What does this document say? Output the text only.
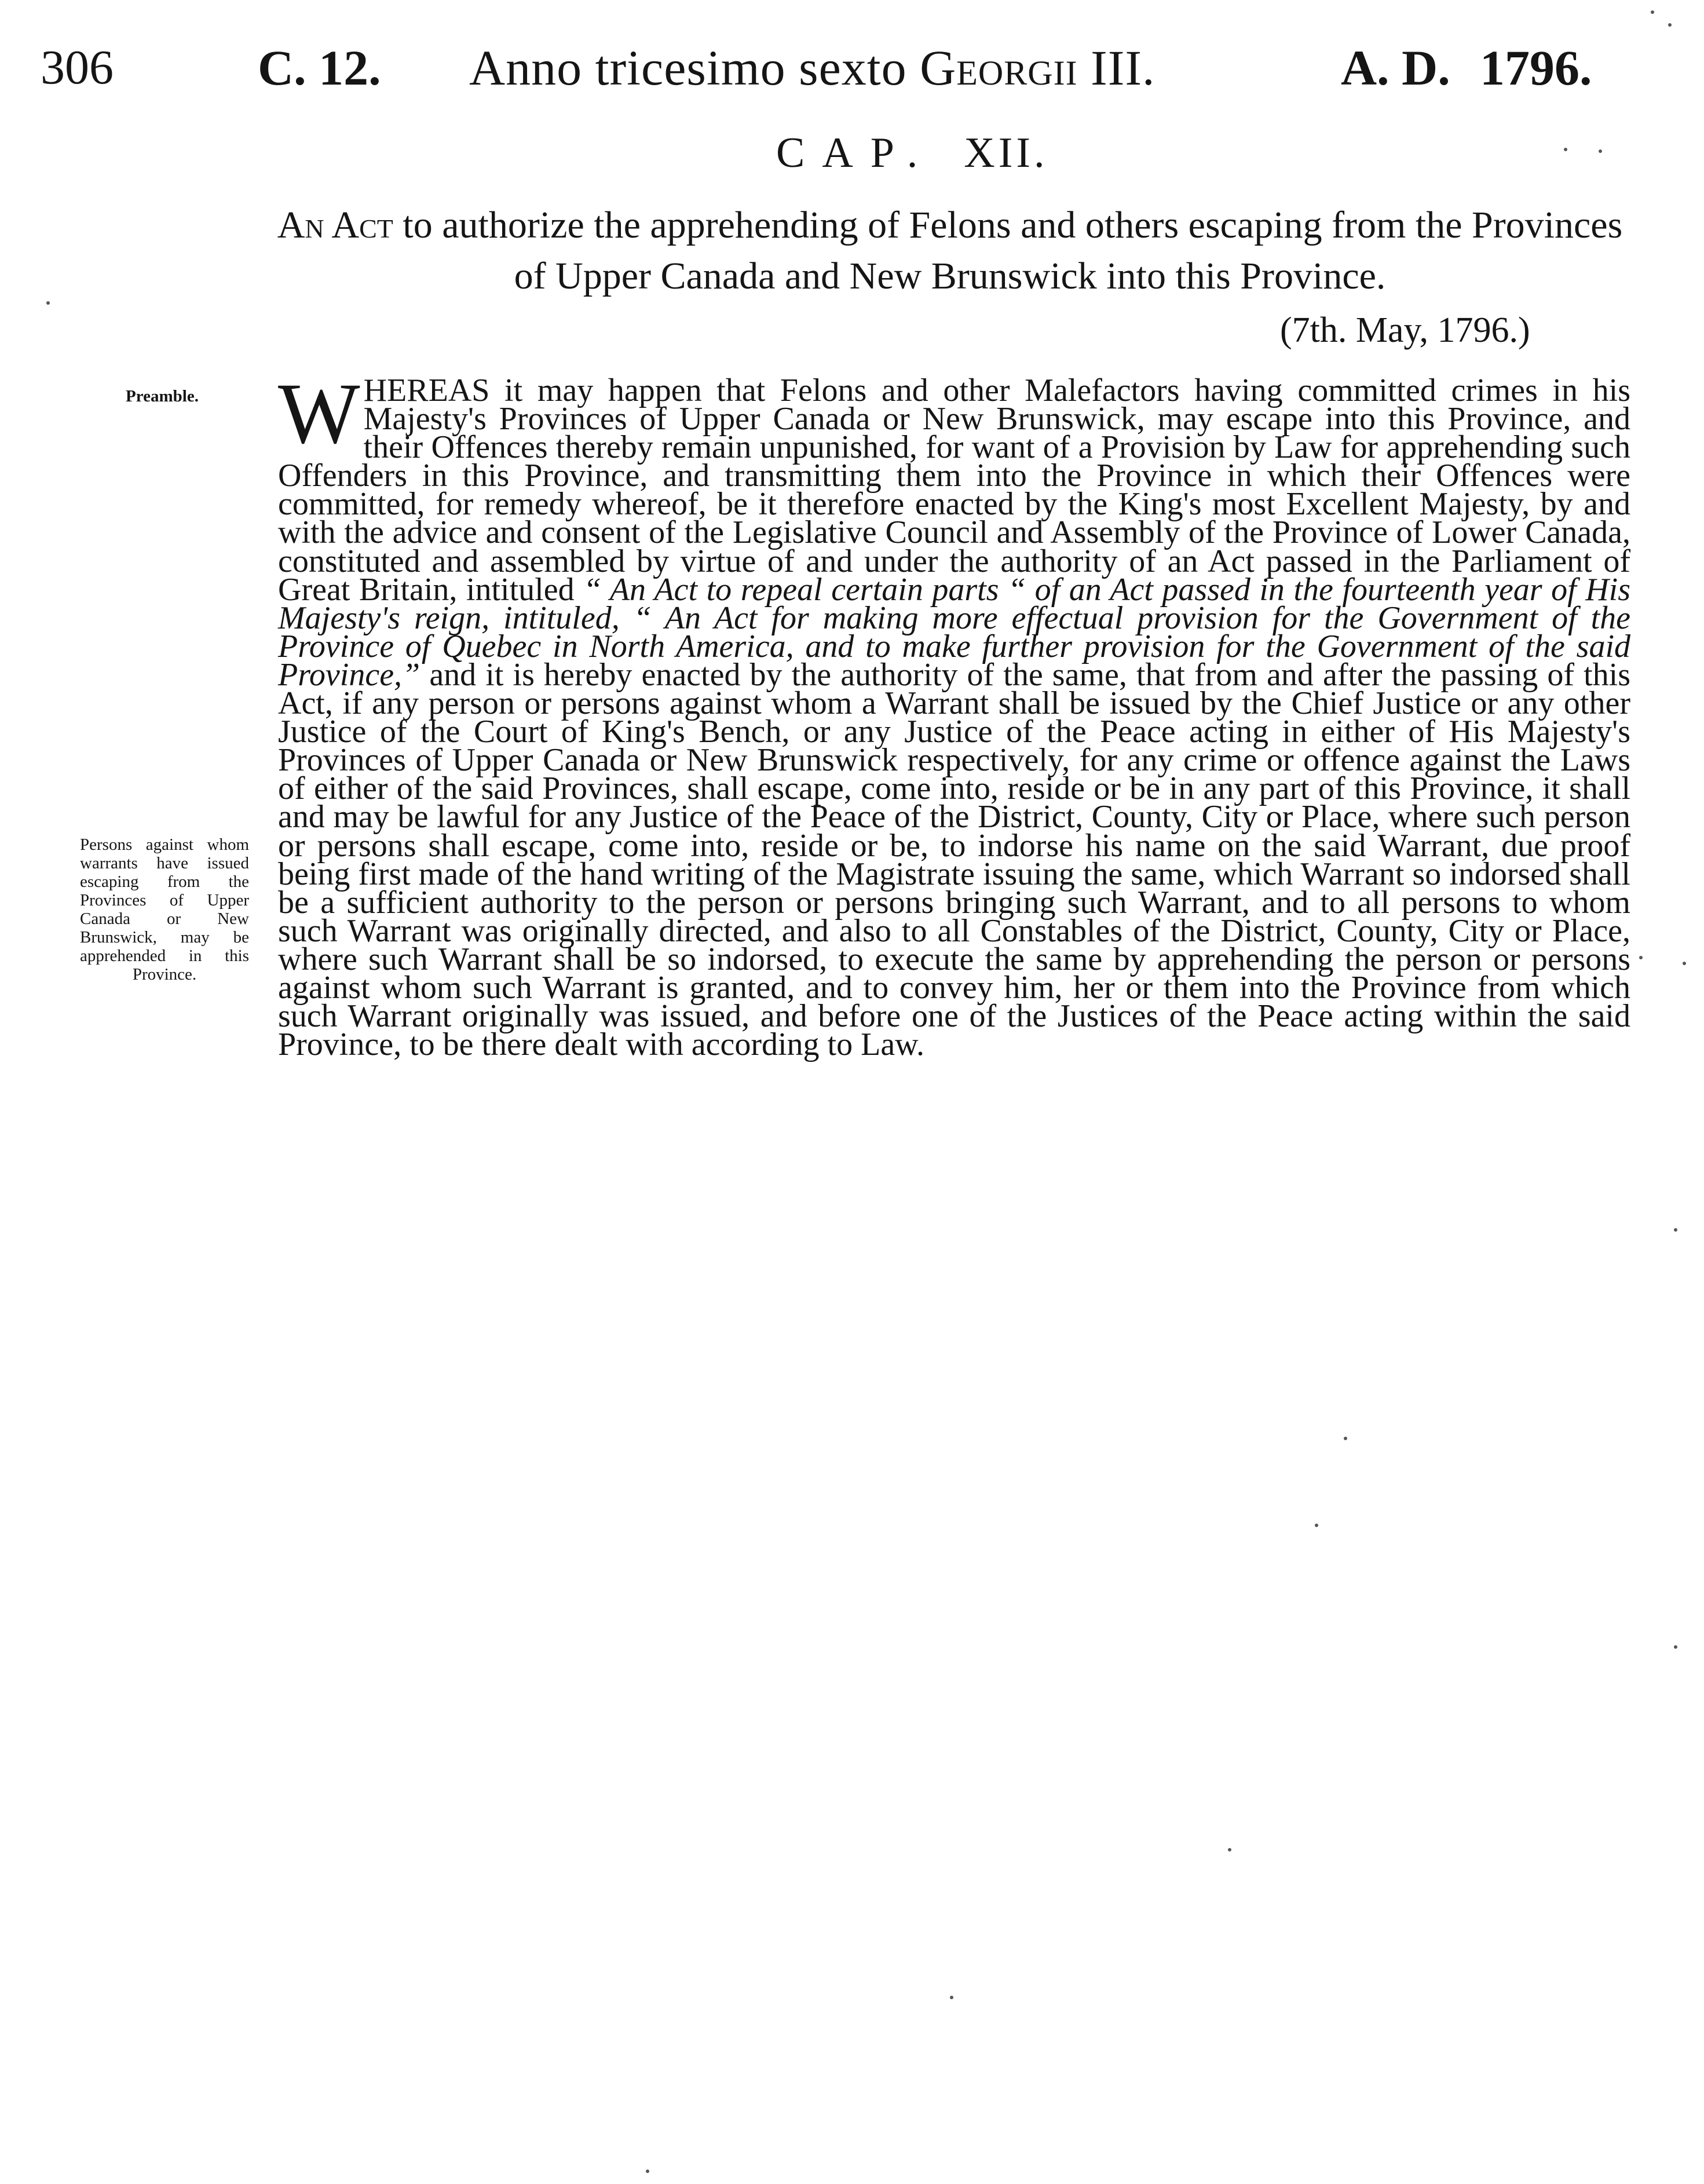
306	C. 12. Anno tricesimo sexto Georgii III.	A. D. 1796.
CAP. XII.
An Act to authorize the apprehending of Felons and others escaping from the Provinces of Upper Canada and New Brunswick into this Province.
(7th. May, 1796.)
Preamble.
Persons against whom warrants have issued escaping from the Provinces of Upper Canada or New Brunswick, may be apprehended in this Province.
WHEREAS it may happen that Felons and other Malefactors having committed crimes in his Majesty's Provinces of Upper Canada or New Brunswick, may escape into this Province, and their Offences thereby remain unpunished, for want of a Provision by Law for apprehending such Offenders in this Province, and transmitting them into the Province in which their Offences were committed, for remedy whereof, be it therefore enacted by the King's most Excellent Majesty, by and with the advice and consent of the Legislative Council and Assembly of the Province of Lower Canada, constituted and assembled by virtue of and under the authority of an Act passed in the Parliament of Great Britain, intituled “ An Act to repeal certain parts “ of an Act passed in the fourteenth year of His Majesty's reign, intituled, “ An Act for making more effectual provision for the Government of the Province of Quebec in North America, and to make further provision for the Government of the said Province,” and it is hereby enacted by the authority of the same, that from and after the passing of this Act, if any person or persons against whom a Warrant shall be issued by the Chief Justice or any other Justice of the Court of King's Bench, or any Justice of the Peace acting in either of His Majesty's Provinces of Upper Canada or New Brunswick respectively, for any crime or offence against the Laws of either of the said Provinces, shall escape, come into, reside or be in any part of this Province, it shall and may be lawful for any Justice of the Peace of the District, County, City or Place, where such person or persons shall escape, come into, reside or be, to indorse his name on the said Warrant, due proof being first made of the hand writing of the Magistrate issuing the same, which Warrant so indorsed shall be a sufficient authority to the person or persons bringing such Warrant, and to all persons to whom such Warrant was originally directed, and also to all Constables of the District, County, City or Place, where such Warrant shall be so indorsed, to execute the same by apprehending the person or persons against whom such Warrant is granted, and to convey him, her or them into the Province from which such Warrant originally was issued, and before one of the Justices of the Peace acting within the said Province, to be there dealt with according to Law.
